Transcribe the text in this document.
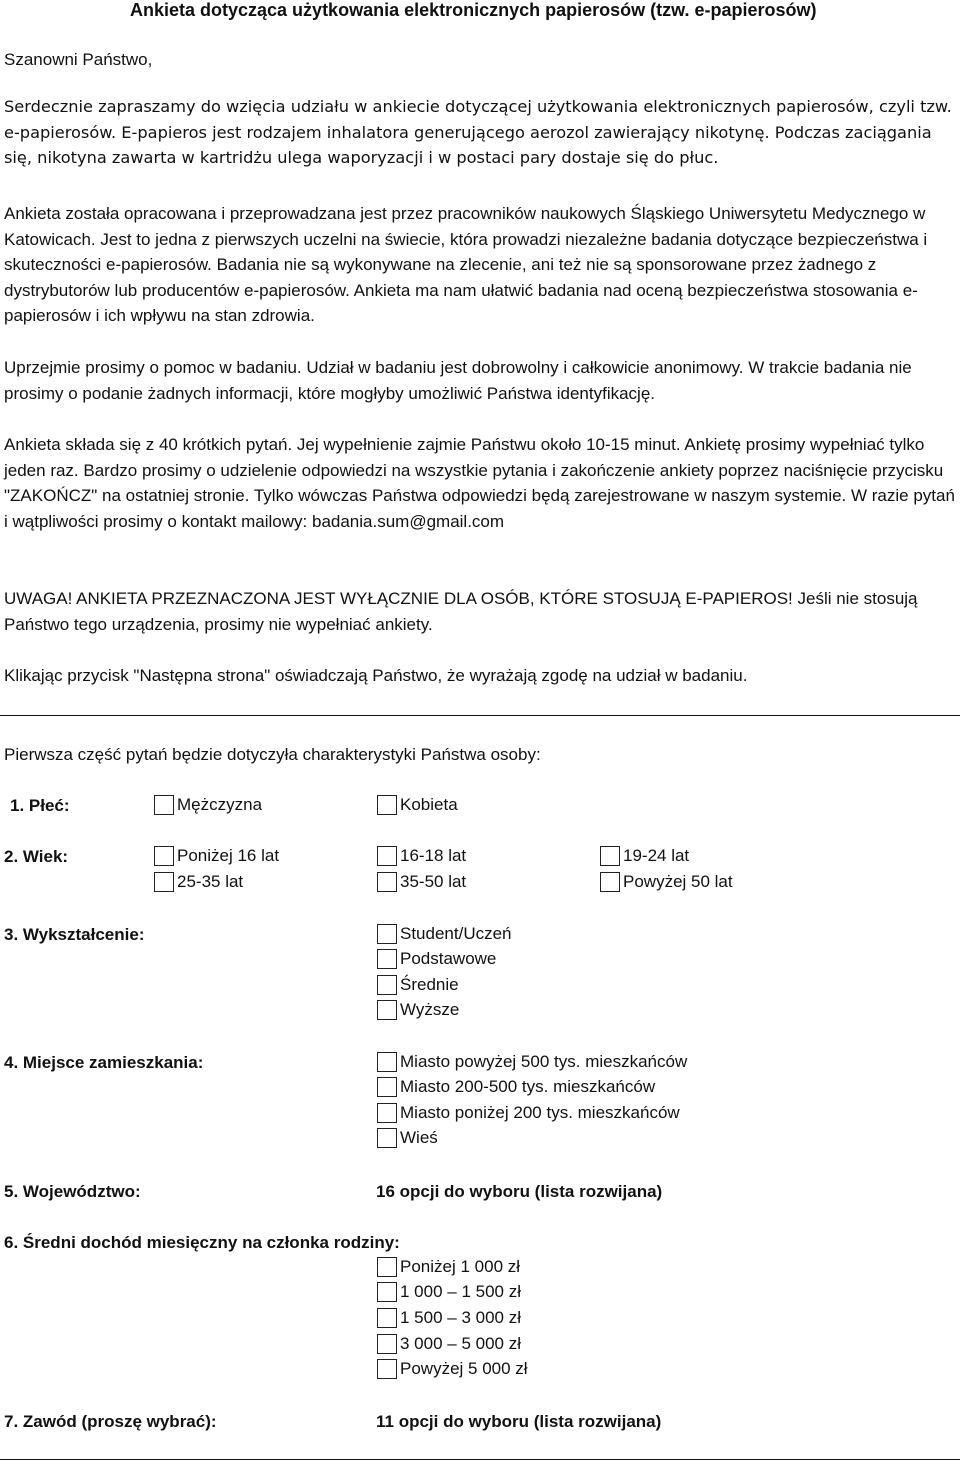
Ankieta dotycząca użytkowania elektronicznych papierosów (tzw. e-papierosów)
Szanowni Państwo,
Serdecznie zapraszamy do wzięcia udziału w ankiecie dotyczącej użytkowania elektronicznych papierosów, czyli tzw. e-papierosów. E-papieros jest rodzajem inhalatora generującego aerozol zawierający nikotynę. Podczas zaciągania się, nikotyna zawarta w kartridżu ulega waporyzacji i w postaci pary dostaje się do płuc.
Ankieta została opracowana i przeprowadzana jest przez pracowników naukowych Śląskiego Uniwersytetu Medycznego w Katowicach. Jest to jedna z pierwszych uczelni na świecie, która prowadzi niezależne badania dotyczące bezpieczeństwa i skuteczności e-papierosów. Badania nie są wykonywane na zlecenie, ani też nie są sponsorowane przez żadnego z dystrybutorów lub producentów e-papierosów. Ankieta ma nam ułatwić badania nad oceną bezpieczeństwa stosowania e-papierosów i ich wpływu na stan zdrowia.
Uprzejmie prosimy o pomoc w badaniu. Udział w badaniu jest dobrowolny i całkowicie anonimowy. W trakcie badania nie prosimy o podanie żadnych informacji, które mogłyby umożliwić Państwa identyfikację.
Ankieta składa się z 40 krótkich pytań. Jej wypełnienie zajmie Państwu około 10-15 minut. Ankietę prosimy wypełniać tylko jeden raz. Bardzo prosimy o udzielenie odpowiedzi na wszystkie pytania i zakończenie ankiety poprzez naciśnięcie przycisku "ZAKOŃCZ" na ostatniej stronie. Tylko wówczas Państwa odpowiedzi będą zarejestrowane w naszym systemie. W razie pytań i wątpliwości prosimy o kontakt mailowy: badania.sum@gmail.com
UWAGA! ANKIETA PRZEZNACZONA JEST WYŁĄCZNIE DLA OSÓB, KTÓRE STOSUJĄ E-PAPIEROS! Jeśli nie stosują Państwo tego urządzenia, prosimy nie wypełniać ankiety.
Klikając przycisk "Następna strona" oświadczają Państwo, że wyrażają zgodę na udział w badaniu.
Pierwsza część pytań będzie dotyczyła charakterystyki Państwa osoby:
1. Płeć:	Mężczyzna	Kobieta
2. Wiek:	Poniżej 16 lat	16-18 lat	19-24 lat
25-35 lat	35-50 lat	Powyżej 50 lat
3. Wykształcenie:	Student/Uczeń
Podstawowe
Średnie
Wyższe
4. Miejsce zamieszkania:	Miasto powyżej 500 tys. mieszkańców
Miasto 200-500 tys. mieszkańców
Miasto poniżej 200 tys. mieszkańców
Wieś
5. Województwo:	16 opcji do wyboru (lista rozwijana)
6. Średni dochód miesięczny na członka rodziny:
Poniżej 1 000 zł
1 000 – 1 500 zł
1 500 – 3 000 zł
3 000 – 5 000 zł
Powyżej 5 000 zł
7. Zawód (proszę wybrać):	11 opcji do wyboru (lista rozwijana)
